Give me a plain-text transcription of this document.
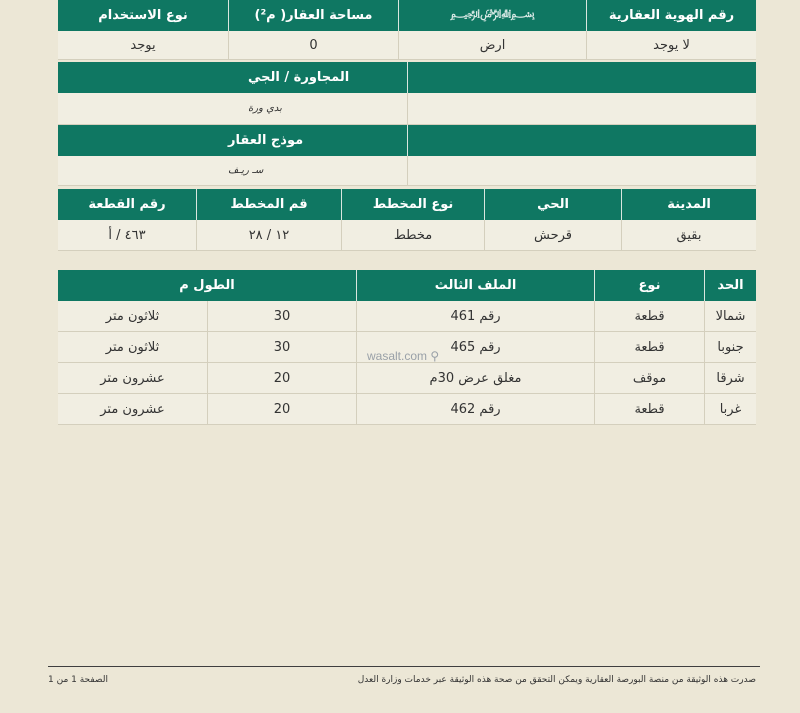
رقم الهوية العقارية
﷽
مساحة العقار( م²)
نوع الاستخدام
لا يوجد
ارض
0
يوجد
المجاورة / الجي
بدي ورة
موذج العقار
سـ ريـف
المدينة
الحي
نوع المخطط
قم المخطط
رقم القطعة
بقيق
قرحش
مخطط
١٢ / ٢٨
٤٦٣ / أ
الحد
نوع
الملف الثالث
الطول م
شمالا
قطعة
رقم 461
30
ثلاثون متر
جنوبا
قطعة
رقم 465
30
ثلاثون متر
شرقا
موقف
مغلق عرض 30م
20
عشرون متر
غربا
قطعة
رقم 462
20
عشرون متر
wasalt.com ⚲
صدرت هذه الوثيقة من منصة البورصة العقارية ويمكن التحقق من صحة هذه الوثيقة عبر خدمات وزارة العدل
الصفحة 1 من 1
